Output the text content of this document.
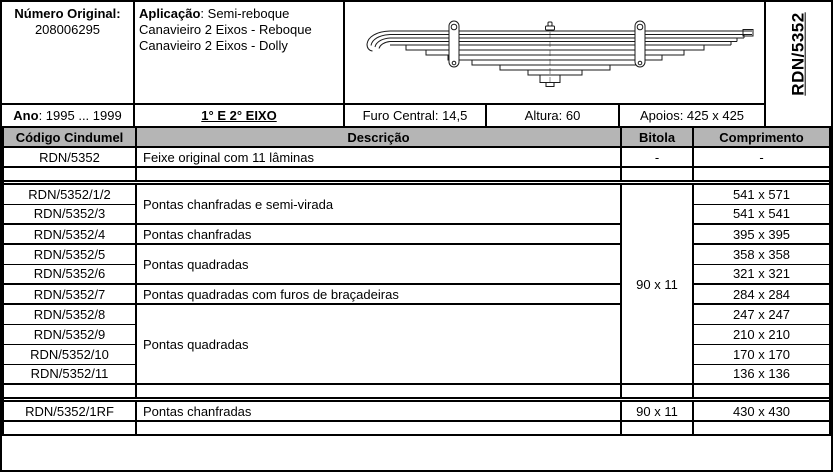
Número Original:
208006295
Aplicação: Semi-reboque
Canavieiro 2 Eixos - Reboque
Canavieiro 2 Eixos - Dolly	RDN/5352
Ano : 1995 ... 1999	1° E 2° EIXO	Furo Central: 14,5	Altura: 60	Apoios: 425 x 425
Código Cindumel	Descrição	Bitola	Comprimento
RDN/5352	Feixe original com 11 lâminas	-	-

RDN/5352/1/2	Pontas chanfradas e semi-virada	90 x 11	541 x 571
RDN/5352/3			541 x 541
RDN/5352/4	Pontas chanfradas		395 x 395
RDN/5352/5	Pontas quadradas		358 x 358
RDN/5352/6			321 x 321
RDN/5352/7	Pontas quadradas com furos de braçadeiras		284 x 284
RDN/5352/8	Pontas quadradas		247 x 247
RDN/5352/9			210 x 210
RDN/5352/10			170 x 170
RDN/5352/11			136 x 136

RDN/5352/1RF	Pontas chanfradas	90 x 11	430 x 430
